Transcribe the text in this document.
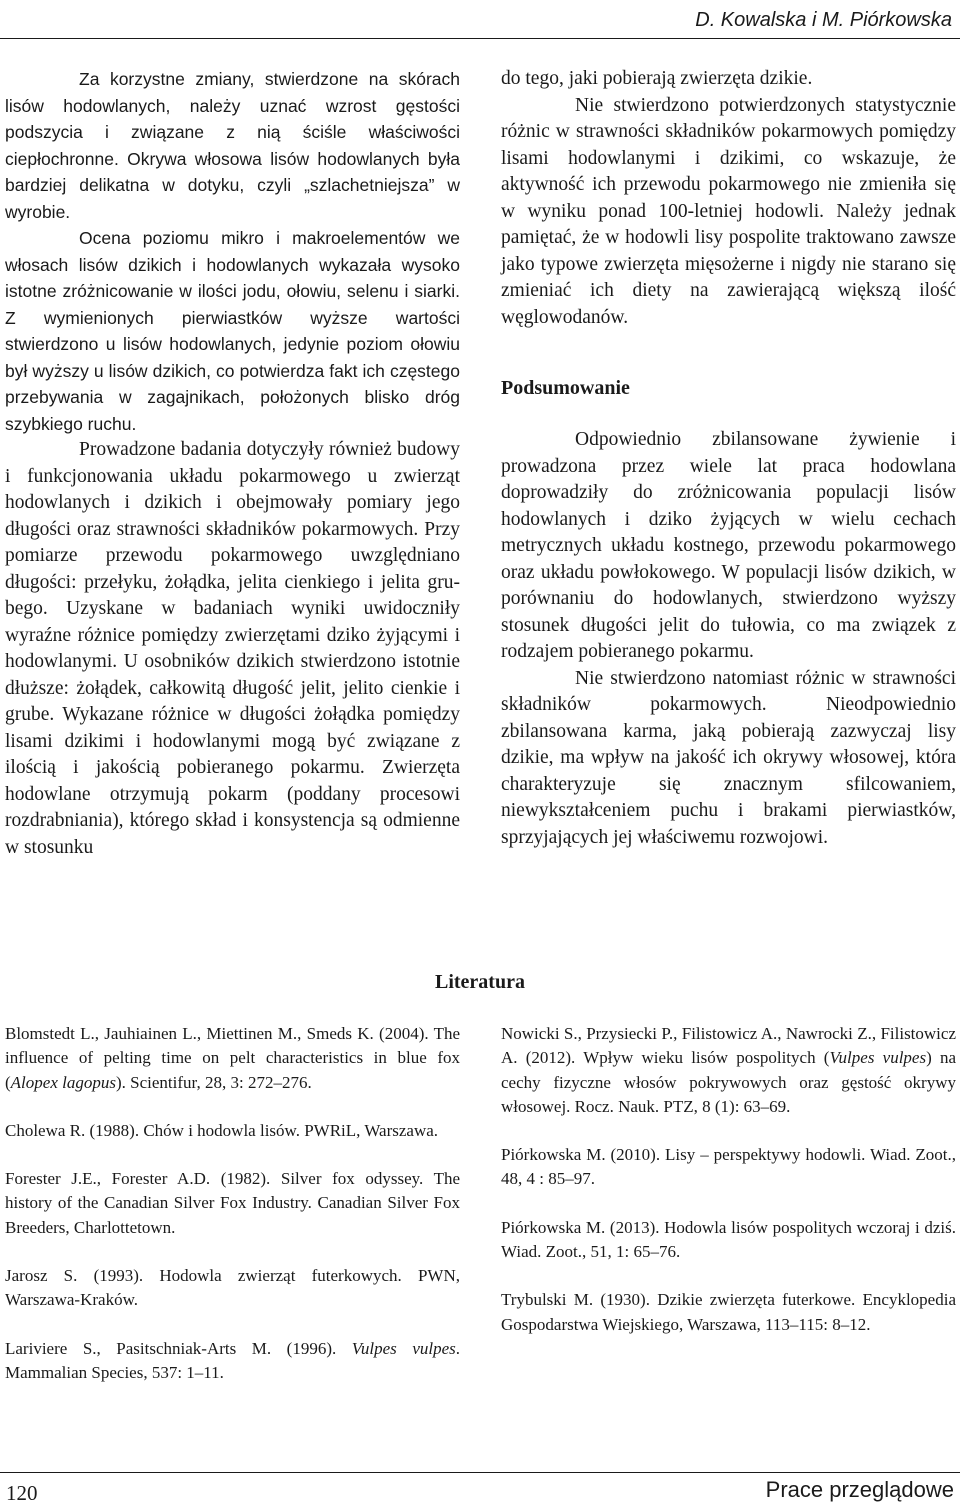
D. Kowalska i M. Piórkowska

Za korzystne zmiany, stwierdzone na skórach lisów hodowlanych, należy uznać wzrost gęstości podszycia i związane z nią ściśle właściwości ciepłochronne. Okrywa włosowa lisów hodowlanych była bardziej delikatna w dotyku, czyli „szlachetniejsza” w wyrobie.

Ocena poziomu mikro i makroelementów we włosach lisów dzikich i hodowlanych wykazała wysoko istotne zróżnicowanie w ilości jodu, ołowiu, selenu i siarki. Z wymienionych pierwiastków wyższe wartości stwierdzono u lisów hodowlanych, jedynie poziom ołowiu był wyższy u lisów dzikich, co potwierdza fakt ich częstego przebywania w zagajnikach, położonych blisko dróg szybkiego ruchu.

Prowadzone badania dotyczyły również budowy i funkcjonowania układu pokarmowego u zwierząt hodowlanych i dzikich i obejmowały pomiary jego długości oraz strawności składników pokarmowych. Przy pomiarze przewodu pokarmowego uwzględniano długości: przełyku, żołądka, jelita cienkiego i jelita grubego. Uzyskane w badaniach wyniki uwidoczniły wyraźne różnice pomiędzy zwierzętami dziko żyjącymi i hodowlanymi. U osobników dzikich stwierdzono istotnie dłuższe: żołądek, całkowitą długość jelit, jelito cienkie i grube. Wykazane różnice w długości żołądka pomiędzy lisami dzikimi i hodowlanymi mogą być związane z ilością i jakością pobieranego pokarmu. Zwierzęta hodowlane otrzymują pokarm (poddany procesowi rozdrabniania), którego skład i konsystencja są odmienne w stosunku

do tego, jaki pobierają zwierzęta dzikie.

Nie stwierdzono potwierdzonych statystycznie różnic w strawności składników pokarmowych pomiędzy lisami hodowlanymi i dzikimi, co wskazuje, że aktywność ich przewodu pokarmowego nie zmieniła się w wyniku ponad 100-letniej hodowli. Należy jednak pamiętać, że w hodowli lisy pospolite traktowano zawsze jako typowe zwierzęta mięsożerne i nigdy nie starano się zmieniać ich diety na zawierającą większą ilość węglowodanów.

Podsumowanie

Odpowiednio zbilansowane żywienie i prowadzona przez wiele lat praca hodowlana doprowadziły do zróżnicowania populacji lisów hodowlanych i dziko żyjących w wielu cechach metrycznych układu kostnego, przewodu pokarmowego oraz układu powłokowego. W populacji lisów dzikich, w porównaniu do hodowlanych, stwierdzono wyższy stosunek długości jelit do tułowia, co ma związek z rodzajem pobieranego pokarmu.

Nie stwierdzono natomiast różnic w strawności składników pokarmowych. Nieodpowiednio zbilansowana karma, jaką pobierają zazwyczaj lisy dzikie, ma wpływ na jakość ich okrywy włosowej, która charakteryzuje się znacznym sfilcowaniem, niewykształceniem puchu i brakami pierwiastków, sprzyjających jej właściwemu rozwojowi.

Literatura

Blomstedt L., Jauhiainen L., Miettinen M., Smeds K. (2004). The influence of pelting time on pelt characteristics in blue fox (Alopex lagopus). Scientifur, 28, 3: 272–276.

Cholewa R. (1988). Chów i hodowla lisów. PWRiL, Warszawa.

Forester J.E., Forester A.D. (1982). Silver fox odyssey. The history of the Canadian Silver Fox Industry. Canadian Silver Fox Breeders, Charlottetown.

Jarosz S. (1993). Hodowla zwierząt futerkowych. PWN, Warszawa-Kraków.

Lariviere S., Pasitschniak-Arts M. (1996). Vulpes vulpes. Mammalian Species, 537: 1–11.

Nowicki S., Przysiecki P., Filistowicz A., Nawrocki Z., Filistowicz A. (2012). Wpływ wieku lisów pospolitych (Vulpes vulpes) na cechy fizyczne włosów pokrywowych oraz gęstość okrywy włosowej. Rocz. Nauk. PTZ, 8 (1): 63–69.

Piórkowska M. (2010). Lisy – perspektywy hodowli. Wiad. Zoot., 48, 4 : 85–97.

Piórkowska M. (2013). Hodowla lisów pospolitych wczoraj i dziś. Wiad. Zoot., 51, 1: 65–76.

Trybulski M. (1930). Dzikie zwierzęta futerkowe. Encyklopedia Gospodarstwa Wiejskiego, Warszawa, 113–115: 8–12.

120	Prace przeglądowe
